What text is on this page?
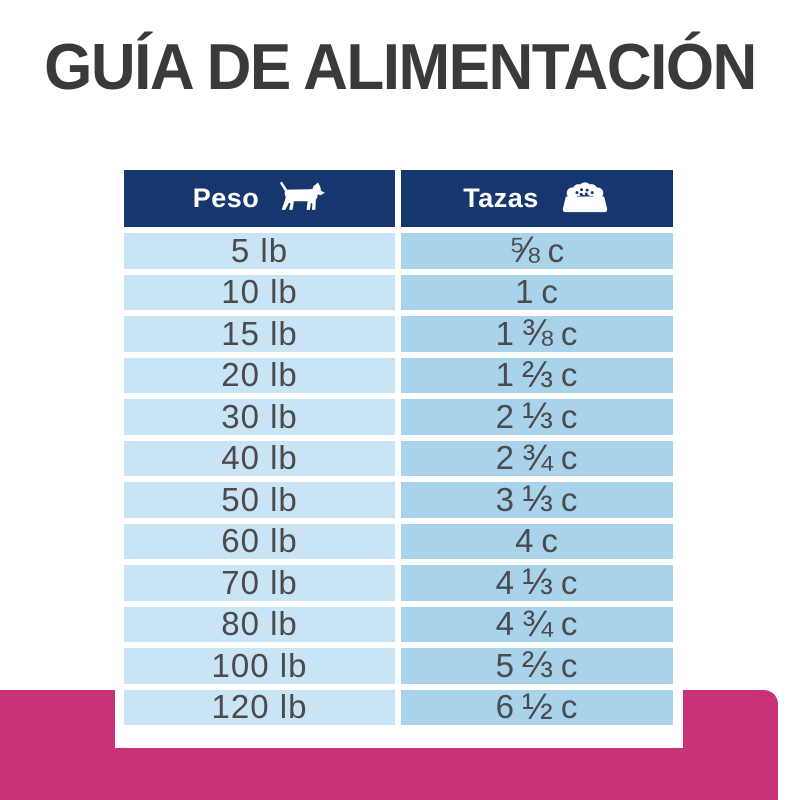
GUÍA DE ALIMENTACIÓN
Peso	Tazas
5 lb	⅝ c
10 lb	1 c
15 lb	1 ⅜ c
20 lb	1 ⅔ c
30 lb	2 ⅓ c
40 lb	2 ¾ c
50 lb	3 ⅓ c
60 lb	4 c
70 lb	4 ⅓ c
80 lb	4 ¾ c
100 lb	5 ⅔ c
120 lb	6 ½ c
